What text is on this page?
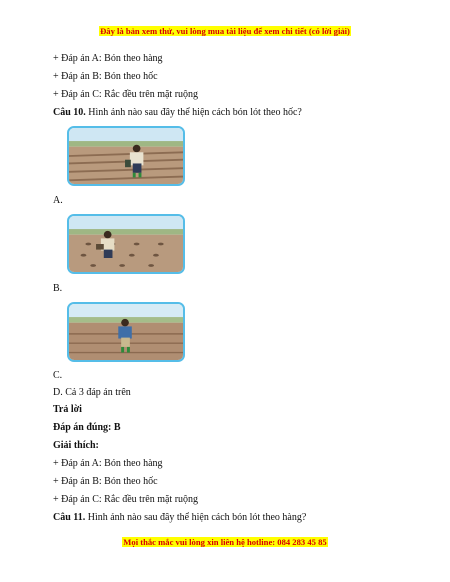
Đây là bản xem thử, vui lòng mua tài liệu để xem chi tiết (có lời giải)
+ Đáp án A: Bón theo hàng
+ Đáp án B: Bón theo hốc
+ Đáp án C: Rắc đều trên mặt ruộng
Câu 10. Hình ảnh nào sau đây thể hiện cách bón lót theo hốc?
A.
B.
C.
D. Cả 3 đáp án trên
Trả lời
Đáp án đúng: B
Giải thích:
+ Đáp án A: Bón theo hàng
+ Đáp án B: Bón theo hốc
+ Đáp án C: Rắc đều trên mặt ruộng
Câu 11. Hình ảnh nào sau đây thể hiện cách bón lót theo hàng?
Mọi thắc mắc vui lòng xin liên hệ hotline: 084 283 45 85
